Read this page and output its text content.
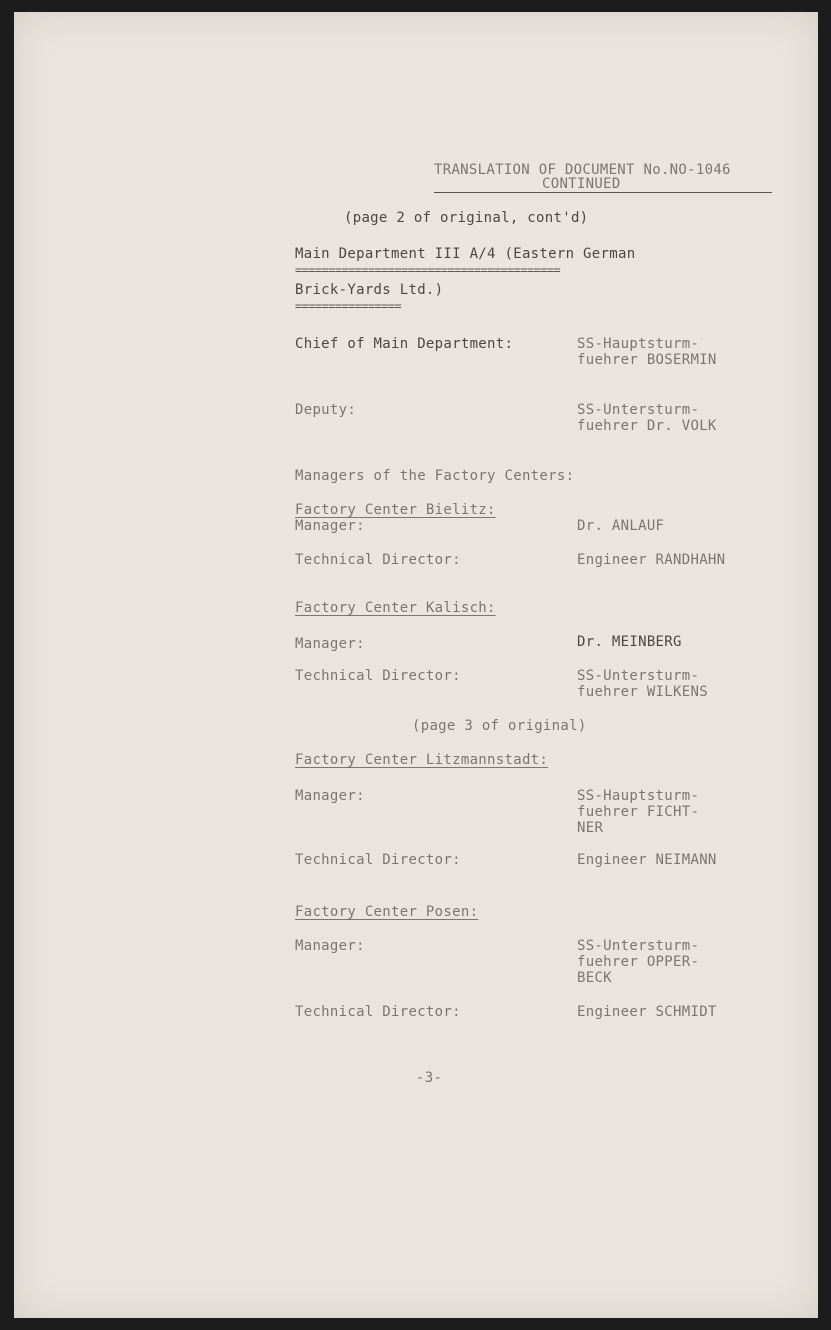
TRANSLATION OF DOCUMENT No.NO-1046
CONTINUED
(page 2 of original, cont'd)
Main Department III A/4 (Eastern German
========================================
Brick-Yards Ltd.)
================
Chief of Main Department:	SS-Hauptsturm-
fuehrer BOSERMIN
Deputy:	SS-Untersturm-
fuehrer Dr. VOLK
Managers of the Factory Centers:
Factory Center Bielitz:
Manager:	Dr. ANLAUF
Technical Director:	Engineer RANDHAHN
Factory Center Kalisch:
Manager:	Dr. MEINBERG
Technical Director:	SS-Untersturm-
fuehrer WILKENS
(page 3 of original)
Factory Center Litzmannstadt:
Manager:	SS-Hauptsturm-
fuehrer FICHT-
NER
Technical Director:	Engineer NEIMANN
Factory Center Posen:
Manager:	SS-Untersturm-
fuehrer OPPER-
BECK
Technical Director:	Engineer SCHMIDT
-3-
